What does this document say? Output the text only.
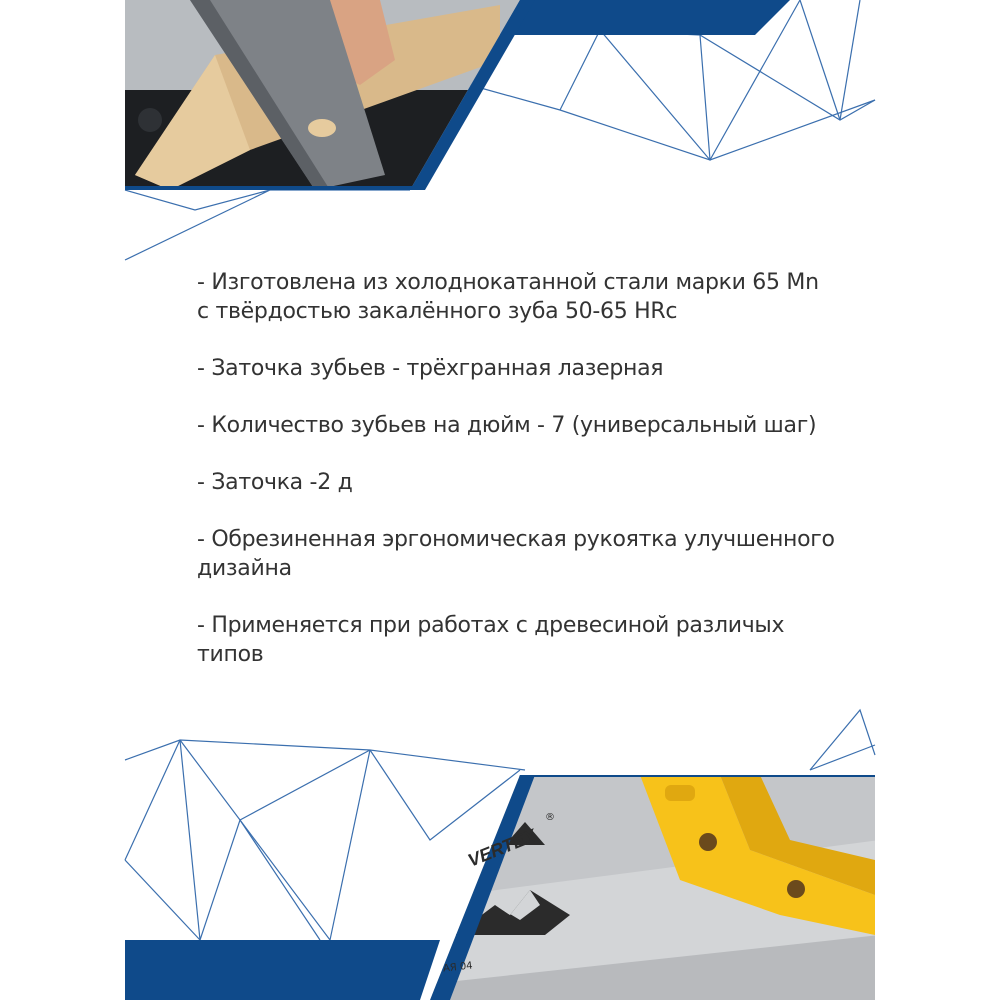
VERTEX
®
АЯ 04
- Изготовлена из холоднокатанной стали марки 65 Mn с твёрдостью закалённого зуба 50-65 HRc
- Заточка зубьев - трёхгранная лазерная
- Количество зубьев на дюйм - 7 (универсальный шаг)
- Заточка -2 д
- Обрезиненная эргономическая рукоятка улучшенного дизайна
- Применяется при работах с древесиной различых типов
